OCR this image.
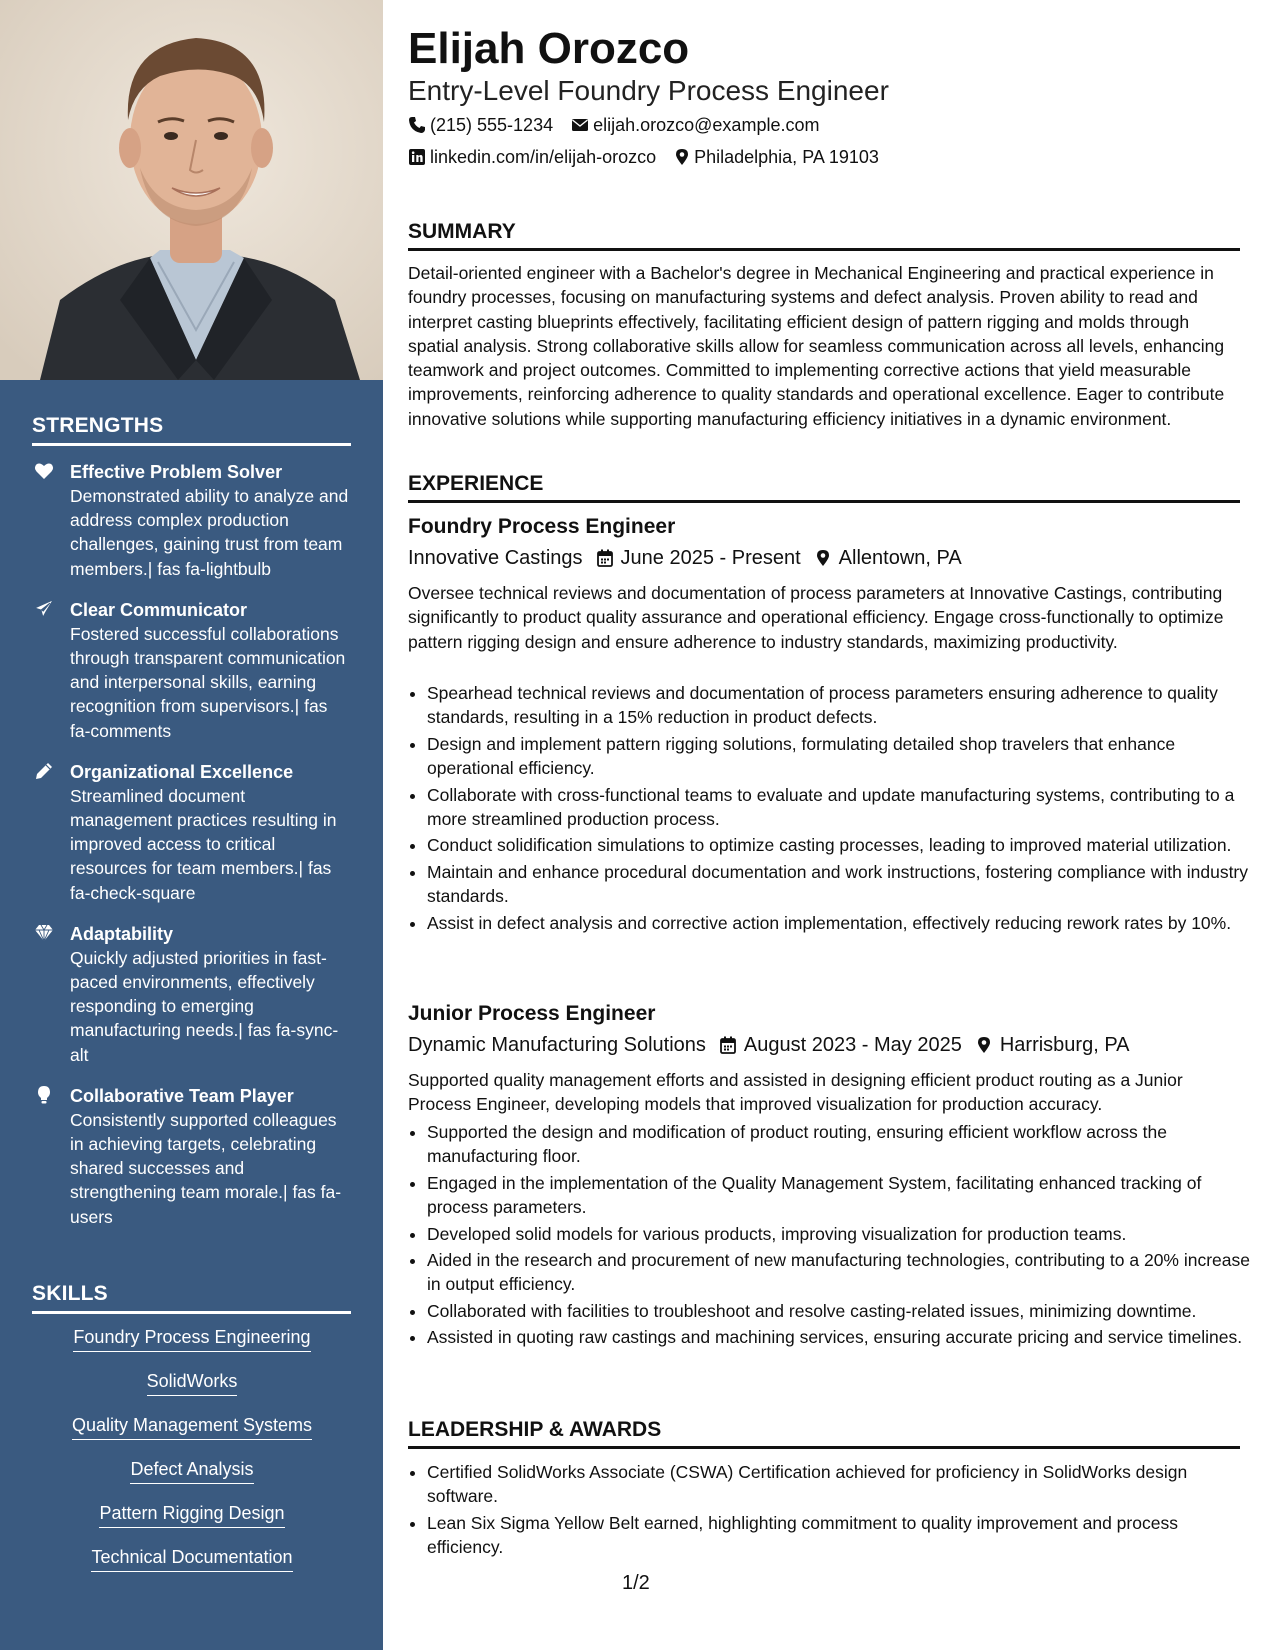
STRENGTHS
Effective Problem Solver
Demonstrated ability to analyze and address complex production challenges, gaining trust from team members.| fas fa-lightbulb
Clear Communicator
Fostered successful collaborations through transparent communication and interpersonal skills, earning recognition from supervisors.| fas fa-comments
Organizational Excellence
Streamlined document management practices resulting in improved access to critical resources for team members.| fas fa-check-square
Adaptability
Quickly adjusted priorities in fast-paced environments, effectively responding to emerging manufacturing needs.| fas fa-sync-alt
Collaborative Team Player
Consistently supported colleagues in achieving targets, celebrating shared successes and strengthening team morale.| fas fa-users
SKILLS
Foundry Process Engineering
SolidWorks
Quality Management Systems
Defect Analysis
Pattern Rigging Design
Technical Documentation
Elijah Orozco
Entry-Level Foundry Process Engineer
(215) 555-1234 elijah.orozco@example.com
linkedin.com/in/elijah-orozco Philadelphia, PA 19103
SUMMARY
Detail-oriented engineer with a Bachelor's degree in Mechanical Engineering and practical experience in foundry processes, focusing on manufacturing systems and defect analysis. Proven ability to read and interpret casting blueprints effectively, facilitating efficient design of pattern rigging and molds through spatial analysis. Strong collaborative skills allow for seamless communication across all levels, enhancing teamwork and project outcomes. Committed to implementing corrective actions that yield measurable improvements, reinforcing adherence to quality standards and operational excellence. Eager to contribute innovative solutions while supporting manufacturing efficiency initiatives in a dynamic environment.
EXPERIENCE
Foundry Process Engineer
Innovative Castings June 2025 - Present Allentown, PA
Oversee technical reviews and documentation of process parameters at Innovative Castings, contributing significantly to product quality assurance and operational efficiency. Engage cross-functionally to optimize pattern rigging design and ensure adherence to industry standards, maximizing productivity.
• Spearhead technical reviews and documentation of process parameters ensuring adherence to quality standards, resulting in a 15% reduction in product defects.
• Design and implement pattern rigging solutions, formulating detailed shop travelers that enhance operational efficiency.
• Collaborate with cross-functional teams to evaluate and update manufacturing systems, contributing to a more streamlined production process.
• Conduct solidification simulations to optimize casting processes, leading to improved material utilization.
• Maintain and enhance procedural documentation and work instructions, fostering compliance with industry standards.
• Assist in defect analysis and corrective action implementation, effectively reducing rework rates by 10%.
Junior Process Engineer
Dynamic Manufacturing Solutions August 2023 - May 2025 Harrisburg, PA
Supported quality management efforts and assisted in designing efficient product routing as a Junior Process Engineer, developing models that improved visualization for production accuracy.
• Supported the design and modification of product routing, ensuring efficient workflow across the manufacturing floor.
• Engaged in the implementation of the Quality Management System, facilitating enhanced tracking of process parameters.
• Developed solid models for various products, improving visualization for production teams.
• Aided in the research and procurement of new manufacturing technologies, contributing to a 20% increase in output efficiency.
• Collaborated with facilities to troubleshoot and resolve casting-related issues, minimizing downtime.
• Assisted in quoting raw castings and machining services, ensuring accurate pricing and service timelines.
LEADERSHIP & AWARDS
• Certified SolidWorks Associate (CSWA) Certification achieved for proficiency in SolidWorks design software.
• Lean Six Sigma Yellow Belt earned, highlighting commitment to quality improvement and process efficiency.
1/2
